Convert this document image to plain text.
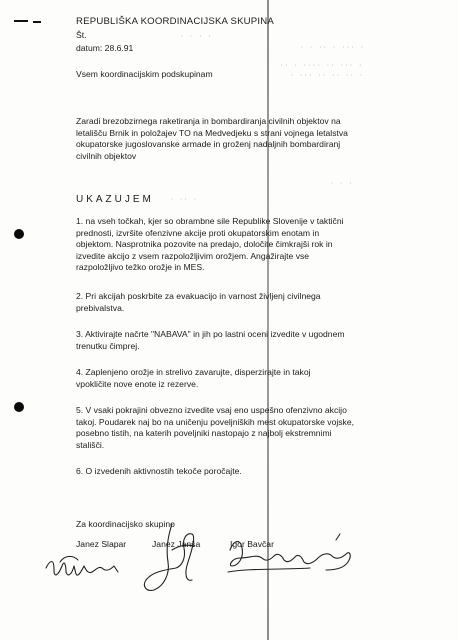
· · ·· · ··· ·
·· · ···· ·· ··· ·
· ··· ·· ·· ·· ·
· · · ·
· ·· ·
· · ·
REPUBLIŠKA KOORDINACIJSKA SKUPINA
Št.
datum: 28.6.91
Vsem koordinacijskim podskupinam
Zaradi brezobzirnega raketiranja in bombardiranja civilnih objektov na
letališču Brnik in položajev TO na Medvedjeku s strani vojnega letalstva
okupatorske jugoslovanske armade in groženj nadaljnih bombardiranj
civilnih objektov
UKAZUJEM
1. na vseh točkah, kjer so obrambne sile Republike Slovenije v taktični
prednosti, izvršite ofenzivne akcije proti okupatorskim enotam in
objektom. Nasprotnika pozovite na predajo, določite čimkrajši rok in
izvedite akcijo z vsem razpoložljivim orožjem. Angažirajte vse
razpoložljivo težko orožje in MES.
2. Pri akcijah poskrbite za evakuacijo in varnost življenj civilnega
prebivalstva.
3. Aktivirajte načrte "NABAVA" in jih po lastni oceni izvedite v ugodnem
trenutku čimprej.
4. Zaplenjeno orožje in strelivo zavarujte, disperzirajte in takoj
vpokličite nove enote iz rezerve.
5. V vsaki pokrajini obvezno izvedite vsaj eno uspešno ofenzivno akcijo
takoj. Poudarek naj bo na uničenju poveljniških mest okupatorske vojske,
posebno tistih, na katerih poveljniki nastopajo z najbolj ekstremnimi
stališči.
6. O izvedenih aktivnostih tekoče poročajte.
Za koordinacijsko skupino
Janez Slapar	Janez Janša	Igor Bavčar
